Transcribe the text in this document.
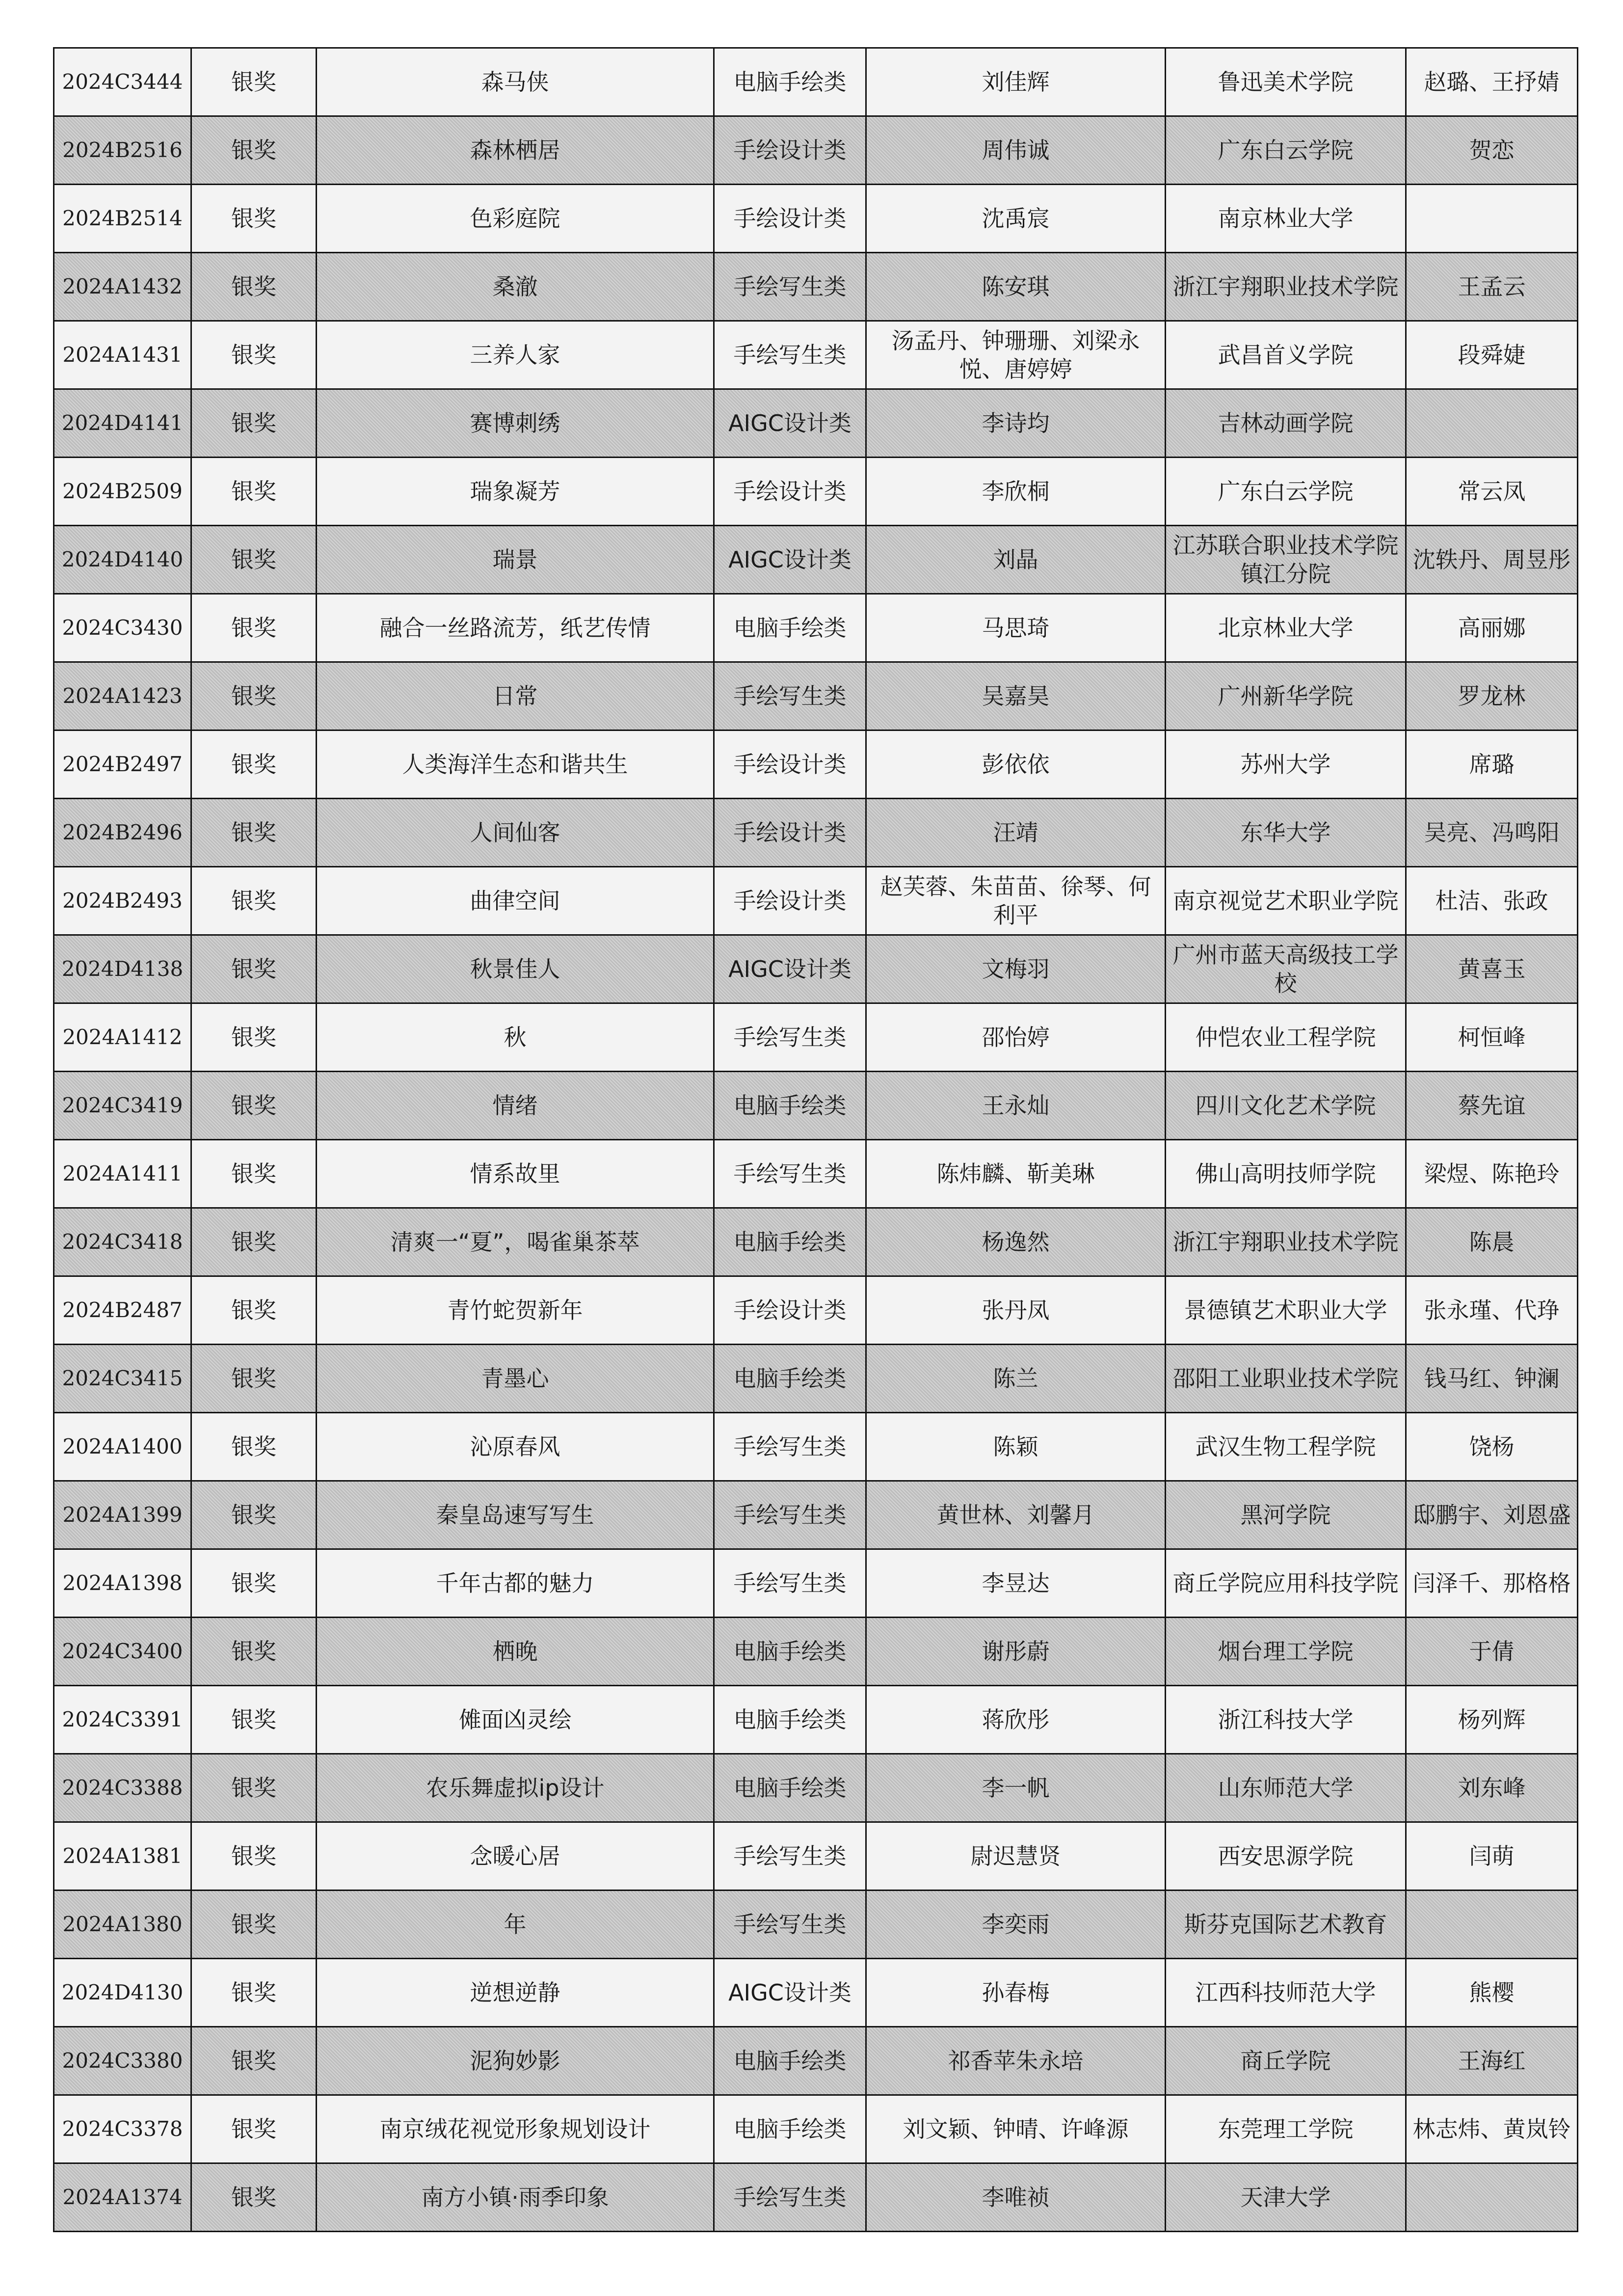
2024C3444	银奖	森马侠	电脑手绘类	刘佳辉	鲁迅美术学院	赵璐、王抒婧
2024B2516	银奖	森林栖居	手绘设计类	周伟诚	广东白云学院	贺恋
2024B2514	银奖	色彩庭院	手绘设计类	沈禹宸	南京林业大学	
2024A1432	银奖	桑澈	手绘写生类	陈安琪	浙江宇翔职业技术学院	王孟云
2024A1431	银奖	三养人家	手绘写生类	汤孟丹、钟珊珊、刘梁永悦、唐婷婷	武昌首义学院	段舜婕
2024D4141	银奖	赛博刺绣	AIGC设计类	李诗均	吉林动画学院	
2024B2509	银奖	瑞象凝芳	手绘设计类	李欣桐	广东白云学院	常云凤
2024D4140	银奖	瑞景	AIGC设计类	刘晶	江苏联合职业技术学院镇江分院	沈轶丹、周昱彤
2024C3430	银奖	融合一丝路流芳，纸艺传情	电脑手绘类	马思琦	北京林业大学	高丽娜
2024A1423	银奖	日常	手绘写生类	吴嘉昊	广州新华学院	罗龙林
2024B2497	银奖	人类海洋生态和谐共生	手绘设计类	彭依依	苏州大学	席璐
2024B2496	银奖	人间仙客	手绘设计类	汪靖	东华大学	吴亮、冯鸣阳
2024B2493	银奖	曲律空间	手绘设计类	赵芙蓉、朱苗苗、徐琴、何利平	南京视觉艺术职业学院	杜洁、张政
2024D4138	银奖	秋景佳人	AIGC设计类	文梅羽	广州市蓝天高级技工学校	黄喜玉
2024A1412	银奖	秋	手绘写生类	邵怡婷	仲恺农业工程学院	柯恒峰
2024C3419	银奖	情绪	电脑手绘类	王永灿	四川文化艺术学院	蔡先谊
2024A1411	银奖	情系故里	手绘写生类	陈炜麟、靳美琳	佛山高明技师学院	梁煜、陈艳玲
2024C3418	银奖	清爽一“夏”，喝雀巢茶萃	电脑手绘类	杨逸然	浙江宇翔职业技术学院	陈晨
2024B2487	银奖	青竹蛇贺新年	手绘设计类	张丹凤	景德镇艺术职业大学	张永瑾、代琤
2024C3415	银奖	青墨心	电脑手绘类	陈兰	邵阳工业职业技术学院	钱马红、钟澜
2024A1400	银奖	沁原春风	手绘写生类	陈颖	武汉生物工程学院	饶杨
2024A1399	银奖	秦皇岛速写写生	手绘写生类	黄世林、刘馨月	黑河学院	邸鹏宇、刘恩盛
2024A1398	银奖	千年古都的魅力	手绘写生类	李昱达	商丘学院应用科技学院	闫泽千、那格格
2024C3400	银奖	栖晚	电脑手绘类	谢彤蔚	烟台理工学院	于倩
2024C3391	银奖	傩面凶灵绘	电脑手绘类	蒋欣彤	浙江科技大学	杨列辉
2024C3388	银奖	农乐舞虚拟ip设计	电脑手绘类	李一帆	山东师范大学	刘东峰
2024A1381	银奖	念暖心居	手绘写生类	尉迟慧贤	西安思源学院	闫萌
2024A1380	银奖	年	手绘写生类	李奕雨	斯芬克国际艺术教育	
2024D4130	银奖	逆想逆静	AIGC设计类	孙春梅	江西科技师范大学	熊樱
2024C3380	银奖	泥狗妙影	电脑手绘类	祁香苹朱永培	商丘学院	王海红
2024C3378	银奖	南京绒花视觉形象规划设计	电脑手绘类	刘文颖、钟晴、许峰源	东莞理工学院	林志炜、黄岚铃
2024A1374	银奖	南方小镇·雨季印象	手绘写生类	李唯祯	天津大学	
